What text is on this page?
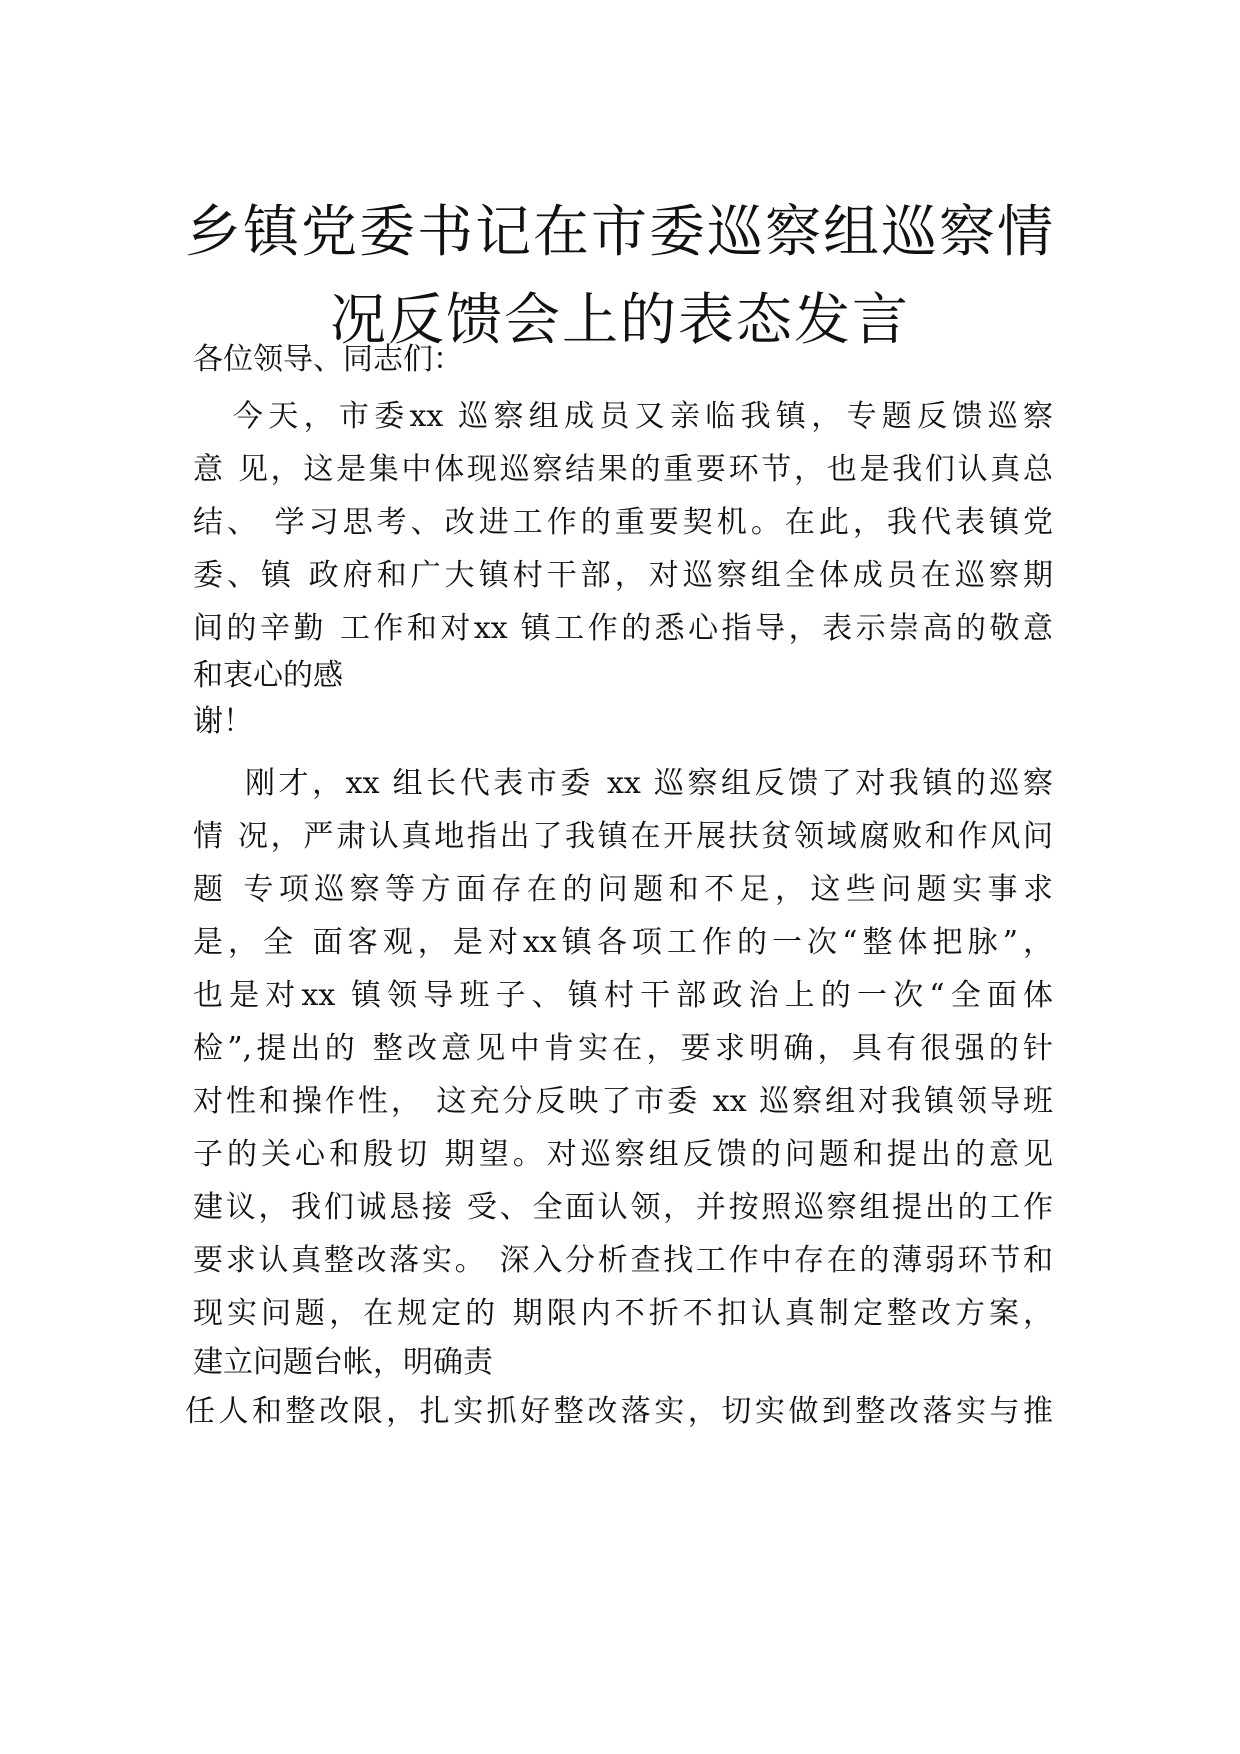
乡镇党委书记在市委巡察组巡察情
况反馈会上的表态发言

各位领导、同志们：

今天，市委xx 巡察组成员又亲临我镇，专题反馈巡察

意 见，这是集中体现巡察结果的重要环节，也是我们认真总

结、 学习思考、改进工作的重要契机。在此，我代表镇党

委、镇 政府和广大镇村干部，对巡察组全体成员在巡察期

间的辛勤 工作和对xx 镇工作的悉心指导，表示崇高的敬意

和衷心的感

谢！

刚才，xx 组长代表市委 xx 巡察组反馈了对我镇的巡察

情 况，严肃认真地指出了我镇在开展扶贫领域腐败和作风问

题 专项巡察等方面存在的问题和不足，这些问题实事求

是，全 面客观，是对xx镇各项工作的一次“整体把脉”，

也是对xx 镇领导班子、镇村干部政治上的一次“全面体

检”,提出的 整改意见中肯实在，要求明确，具有很强的针

对性和操作性， 这充分反映了市委 xx 巡察组对我镇领导班

子的关心和殷切 期望。对巡察组反馈的问题和提出的意见

建议，我们诚恳接 受、全面认领，并按照巡察组提出的工作

要求认真整改落实。 深入分析查找工作中存在的薄弱环节和

现实问题，在规定的 期限内不折不扣认真制定整改方案，

建立问题台帐，明确责

任人和整改限，扎实抓好整改落实，切实做到整改落实与推
